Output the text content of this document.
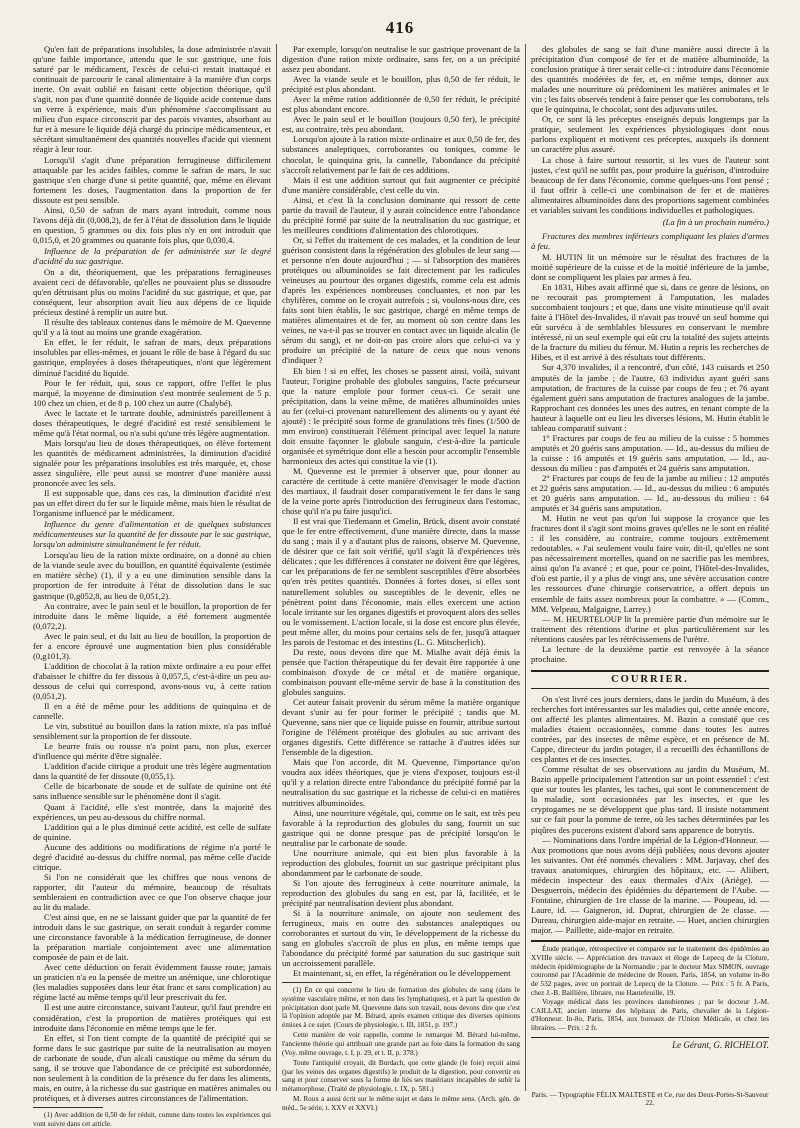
416

Qu'en fait de préparations insolubles, la dose administrée n'avait qu'une faible importance, attendu que le suc gastrique, une fois saturé par le médicament, l'excès de celui-ci restait inattaqué et continuait de parcourir le canal alimentaire à la manière d'un corps inerte. On avait oublié en faisant cette objection théorique, qu'il s'agit, non pas d'une quantité donnée de liquide acide contenue dans un verre à expérience, mais d'un phénomène s'accomplissant au milieu d'un espace circonscrit par des parois vivantes, absorbant au fur et à mesure le liquide déjà chargé du principe médicamenteux, et sécrétant simultanément des quantités nouvelles d'acide qui viennent réagir à leur tour.

Lorsqu'il s'agit d'une préparation ferrugineuse difficilement attaquable par les acides faibles, comme le safran de mars, le suc gastrique s'en charge d'une si petite quantité, que, même en élevant fortement les doses, l'augmentation dans la proportion de fer dissoute est peu sensible.

Ainsi, 0,50 de safran de mars ayant introduit, comme nous l'avons déjà dit (0,008,2), de fer à l'état de dissolution dans le liquide en question, 5 grammes ou dix fois plus n'y en ont introduit que 0,015,0, et 20 grammes ou quarante fois plus, que 0,030,4.

Influence de la préparation de fer administrée sur le degré d'acidité du suc gastrique.

On a dit, théoriquement, que les préparations ferrugineuses avaient ceci de défavorable, qu'elles ne pouvaient plus se dissoudre qu'en détruisant plus ou moins l'acidité du suc gastrique, et que, par conséquent, leur absorption avait lieu aux dépens de ce liquide précieux destiné à remplir un autre but.

Il résulte des tableaux contenus dans le mémoire de M. Quevenne qu'il y a là tout au moins une grande exagération.

En effet, le fer réduit, le safran de mars, deux préparations insolubles par elles-mêmes, et jouant le rôle de base à l'égard du suc gastrique, employées à doses thérapeutiques, n'ont que légèrement diminué l'acidité du liquide.

Pour le fer réduit, qui, sous ce rapport, offre l'effet le plus marqué, la moyenne de diminution s'est montrée seulement de 5 p. 100 chez un chien, et de 8 p. 100 chez un autre (Chalybé).

Avec le lactate et le tartrate double, administrés pareillement à doses thérapeutiques, le degré d'acidité est resté sensiblement le même qu'à l'état normal, ou n'a subi qu'une très légère augmentation.

Mais lorsqu'au lieu de doses thérapeutiques, on élève fortement les quantités de médicament administrées, la diminution d'acidité signalée pour les préparations insolubles est très marquée, et, chose assez singulière, elle peut aussi se montrer d'une manière aussi prononcée avec les sels.

Il est supposable que, dans ces cas, la diminution d'acidité n'est pas un effet direct du fer sur le liquide même, mais bien le résultat de l'organisme influencé par le médicament.

Influence du genre d'alimentation et de quelques substances médicamenteuses sur la quantité de fer dissoute par le suc gastrique, lorsqu'on administre simultanément le fer réduit.

Lorsqu'au lieu de la ration mixte ordinaire, on a donné au chien de la viande seule avec du bouillon, en quantité équivalente (estimée en matière sèche) (1), il y a eu une diminution sensible dans la proportion de fer introduite à l'état de dissolution dans le suc gastrique (0,g052,8, au lieu de 0,051,2).

Au contraire, avec le pain seul et le bouillon, la proportion de fer introduite dans le même liquide, a été fortement augmentée (0,072,2).

Avec le pain seul, et du lait au lieu de bouillon, la proportion de fer a encore éprouvé une augmentation bien plus considérable (0,g101,3).

L'addition de chocolat à la ration mixte ordinaire a eu pour effet d'abaisser le chiffre du fer dissous à 0,057,5, c'est-à-dire un peu au-dessous de celui qui correspond, avons-nous vu, à cette ration (0,051,2).

Il en a été de même pour les additions de quinquina et de cannelle.

Le vin, substitué au bouillon dans la ration mixte, n'a pas influé sensiblement sur la proportion de fer dissoute.

Le beurre frais ou rousse n'a point paru, non plus, exercer d'influence qui mérite d'être signalée.

L'addition d'acide citrique a produit une très légère augmentation dans la quantité de fer dissoute (0,055,1).

Celle de bicarbonate de soude et de sulfate de quinine ont été sans influence sensible sur le phénomène dont il s'agit.

Quant à l'acidité, elle s'est montrée, dans la majorité des expériences, un peu au-dessous du chiffre normal.

L'addition qui a le plus diminué cette acidité, est celle de sulfate de quinine.

Aucune des additions ou modifications de régime n'a porté le degré d'acidité au-dessus du chiffre normal, pas même celle d'acide citrique.

Si l'on ne considérait que les chiffres que nous venons de rapporter, dit l'auteur du mémoire, beaucoup de résultats sembleraient en contradiction avec ce que l'on observe chaque jour au lit du malade.

C'est ainsi que, en ne se laissant guider que par la quantité de fer introduit dans le suc gastrique, on serait conduit à regarder comme une circonstance favorable à la médication ferrugineuse, de donner la préparation martiale conjointement avec une alimentation composée de pain et de lait.

Avec cette déduction on ferait évidemment fausse route; jamais un praticien n'a eu la pensée de mettre un anémique, une chlorotique (les maladies supposées dans leur état franc et sans complication) au régime lacté au même temps qu'il leur prescrivait du fer.

Il est une autre circonstance, suivant l'auteur, qu'il faut prendre en considération, c'est la proportion de matières protéiques qui est introduite dans l'économie en même temps que le fer.

En effet, si l'on tient compte de la quantité de précipité qui se forme dans le suc gastrique par suite de la neutralisation au moyen de carbonate de soude, d'un alcali caustique ou même du sérum du sang, il se trouve que l'abondance de ce précipité est subordonnée, non seulement à la condition de la présence du fer dans les aliments, mais, en outre, à la richesse du suc gastrique en matières animales ou protéiques, et à diverses autres circonstances de l'alimentation.

(1) Avec addition de 0,50 de fer réduit, comme dans toutes les expériences qui vont suivre dans cet article.

Par exemple, lorsqu'on neutralise le suc gastrique provenant de la digestion d'une ration mixte ordinaire, sans fer, on a un précipité assez peu abondant.

Avec la viande seule et le bouillon, plus 0,50 de fer réduit, le précipité est plus abondant.

Avec la même ration additionnée de 0,50 fer réduit, le précipité est plus abondant encore.

Avec le pain seul et le bouillon (toujours 0,50 fer), le précipité est, au contraire, très peu abondant.

Lorsqu'on ajoute à la ration mixte ordinaire et aux 0,50 de fer, des substances analeptiques, corroborantes ou toniques, comme le chocolat, le quinquina gris, la cannelle, l'abondance du précipité s'accroît relativement par le fait de ces additions.

Mais il est une addition surtout qui fait augmenter ce précipité d'une manière considérable, c'est celle du vin.

Ainsi, et c'est là la conclusion dominante qui ressort de cette partie du travail de l'auteur, il y aurait coïncidence entre l'abondance du précipité formé par suite de la neutralisation du suc gastrique, et les meilleures conditions d'alimentation des chlorotiques.

Or, si l'effet du traitement de ces malades, et la condition de leur guérison consistent dans la régénération des globules de leur sang — et personne n'en doute aujourd'hui ; — si l'absorption des matières protéiques ou albuminoïdes se fait directement par les radicules veineuses au pourtour des organes digestifs, comme cela est admis d'après les expériences nombreuses concluantes, et non par les chylifères, comme on le croyait autrefois ; si, voulons-nous dire, ces faits sont bien établis, le suc gastrique, chargé en même temps de matières alimentaires et de fer, au moment où son centre dans les veines, ne va-t-il pas se trouver en contact avec un liquide alcalin (le sérum du sang), et ne doit-on pas croire alors que celui-ci va y produire un précipité de la nature de ceux que nous venons d'indiquer ?

Eh bien ! si en effet, les choses se passent ainsi, voilà, suivant l'auteur, l'origine probable des globules sanguins, l'acte précurseur que la nature emploie pour former ceux-ci. Ce serait une précipitation, dans la veine même, de matières albuminoïdes unies au fer (celui-ci provenant naturellement des aliments ou y ayant été ajouté) : le précipité sous forme de granulations très fines (1/500 de mm environ) constituerait l'élément principal avec lequel la nature doit ensuite façonner le globule sanguin, c'est-à-dire la particule organisée et symétrique dont elle a besoin pour accomplir l'ensemble harmonieux des actes qui constitue la vie (1).

M. Quevenne est le premier à observer que, pour donner au caractère de certitude à cette manière d'envisager le mode d'action des martiaux, il faudrait doser comparativement le fer dans le sang de la veine porte après l'introduction des ferrugineux dans l'estomac, chose qu'il n'a pu faire jusqu'ici.

Il est vrai que Tiedemann et Gmelin, Brück, disent avoir constaté que le fer entre effectivement, d'une manière directe, dans la masse du sang ; mais il y a d'autant plus de raisons, observe M. Quevenne, de désirer que ce fait soit vérifié, qu'il s'agit là d'expériences très délicates ; que les différences à constater ne doivent être que légères, car les préparations de fer ne semblent susceptibles d'être absorbées qu'en très petites quantités. Données à fortes doses, si elles sont naturellement solubles ou susceptibles de le devenir, elles ne pénètrent point dans l'économie, mais elles exercent une action locale irritante sur les organes digestifs et provoquent alors des selles ou le vomissement. L'action locale, si la dose est encore plus élevée, peut même aller, du moins pour certains sels de fer, jusqu'à attaquer les parois de l'estomac et des intestins (L. G. Mitscherlich).

Du reste, nous devons dire que M. Mialhe avait déjà émis la pensée que l'action thérapeutique du fer devait être rapportée à une combinaison d'oxyde de ce métal et de matière organique, combinaison pouvant elle-même servir de base à la constitution des globules sanguins.

Cet auteur faisait provenir du sérum même la matière organique devant s'unir au fer pour former le précipité ; tandis que M. Quevenne, sans nier que ce liquide puisse en fournir, attribue surtout l'origine de l'élément protéique des globules au suc arrivant des organes digestifs. Cette différence se rattache à d'autres idées sur l'ensemble de la digestion.

Mais que l'on accorde, dit M. Quevenne, l'importance qu'on voudra aux idées théoriques, que je viens d'exposer, toujours est-il qu'il y a relation directe entre l'abondance du précipité formé par la neutralisation du suc gastrique et la richesse de celui-ci en matières nutritives albuminoïdes.

Ainsi, une nourriture végétale, qui, comme on le sait, est très peu favorable à la reproduction des globules du sang, fournit un suc gastrique qui ne donne presque pas de précipité lorsqu'on le neutralise par le carbonate de soude.

Une nourriture animale, qui est bien plus favorable à la reproduction des globules, fournit un suc gastrique précipitant plus abondamment par le carbonate de soude.

Si l'on ajoute des ferrugineux à cette nourriture animale, la reproduction des globules du sang en est, par là, facilitée, et le précipité par neutralisation devient plus abondant.

Si à la nourriture animale, on ajoute non seulement des ferrugineux, mais en outre des substances analeptiques ou corroborantes et surtout du vin, le développement de la richesse du sang en globules s'accroît de plus en plus, en même temps que l'abondance du précipité formé par saturation du suc gastrique suit un accroissement parallèle.

Et maintenant, si, en effet, la régénération ou le développement

(1) En ce qui concerne le lieu de formation des globules de sang (dans le système vasculaire même, et non dans les lymphatiques), et à part la question de précipitation dont parle M. Quevenne dans son travail, nous devons dire que c'est là l'opinion adoptée par M. Bérard, après examen critique des diverses opinions émises à ce sujet. (Cours de physiologie, t. III, 1851, p. 197.)

Cette manière de voir rappelle, comme le remarque M. Bérard lui-même, l'ancienne théorie qui attribuait une grande part au foie dans la formation du sang (Voy. même ouvrage, t. I, p. 29, et t. II, p. 378.)

Toute l'antiquité croyait, dit Burdach, que cette glande (le foie) reçoit ainsi (par les veines des organes digestifs) le produit de la digestion, pour convertir en sang et pour conserver sous la forme de liés ses matériaux incapables de subir la métamorphose. (Traité de physiologie, t. IX, p. 581.)

M. Roux a aussi écrit sur le même sujet et dans le même sens. (Arch. gén. de méd., 5e série, t. XXV et XXVI.)

des globules de sang se fait d'une manière aussi directe à la précipitation d'un composé de fer et de matière albuminoïde, la conclusion pratique à tirer serait celle-ci : introduire dans l'économie des quantités modérées de fer, et, en même temps, donner aux malades une nourriture où prédominent les matières animales et le vin ; les faits observés tendent à faire penser que les corroborans, tels que le quinquina, le chocolat, sont des adjuvans utiles.

Or, ce sont là les préceptes enseignés depuis longtemps par la pratique, seulement les expériences physiologiques dont nous parlons expliquent et motivent ces préceptes, auxquels ils donnent un caractère plus assuré.

La chose à faire surtout ressortir, si les vues de l'auteur sont justes, c'est qu'il ne suffit pas, pour produire la guérison, d'introduire beaucoup de fer dans l'économie, comme quelques-uns l'ont pensé ; il faut offrir à celle-ci une combinaison de fer et de matières alimentaires albuminoïdes dans des proportions sagement combinées et variables suivant les conditions individuelles et pathologiques.

(La fin à un prochain numéro.)

Fractures des membres inférieurs compliquant les plaies d'armes à feu.

M. HUTIN lit un mémoire sur le résultat des fractures de la moitié supérieure de la cuisse et de la moitié inférieure de la jambe, dont se compliquent les plaies par armes à feu.

En 1831, Hibes avait affirmé que si, dans ce genre de lésions, on ne recourait pas promptement à l'amputation, les malades succombaient toujours ; et que, dans une visite minutieuse qu'il avait faite à l'Hôtel des-Invalides, il n'avait pas trouvé un seul homme qui eût survécu à de semblables blessures en conservant le membre intéressé, ni un seul exemple qui eût cru la totalité des sujets atteints de la fracture du milieu du fémur. M. Hutin a repris les recherches de Hibes, et il est arrivé à des résultats tout différents.

Sur 4,370 invalides, il a rencontré, d'un côté, 143 cuisards et 250 amputés de la jambe ; de l'autre, 63 individus ayant guéri sans amputation, de fractures de la cuisse par coups de feu ; et 76 ayant également guéri sans amputation de fractures analogues de la jambe. Rapprochant ces données les unes des autres, en tenant compte de la hauteur à laquelle ont eu lieu les diverses lésions, M. Hutin établit le tableau comparatif suivant :

1° Fractures par coups de feu au milieu de la cuisse : 5 hommes amputés et 20 guéris sans amputation. — Id., au-dessus du milieu de la cuisse : 16 amputés et 19 guéris sans amputation. — Id., au-dessous du milieu : pas d'amputés et 24 guéris sans amputation.

2° Fractures par coups de feu de la jambe au milieu : 12 amputés et 22 guéris sans amputation. — Id., au-dessus du milieu : 6 amputés et 20 guéris sans amputation. — Id., au-dessous du milieu : 64 amputés et 34 guéris sans amputation.

M. Hutin ne veut pas qu'on lui suppose la croyance que les fractures dont il s'agit sont moins graves qu'elles ne le sont en réalité : il les considère, au contraire, comme toujours extrêmement redoutables. « J'ai seulement voulu faire voir, dit-il, qu'elles ne sont pas nécessairement mortelles, quand on ne sacrifie pas les membres, ainsi qu'on l'a avancé ; et que, pour ce point, l'Hôtel-des-Invalides, d'où est partie, il y a plus de vingt ans, une sévère accusation contre les ressources d'une chirurgie conservatrice, a offert depuis un ensemble de faits assez nombreux pour la combattre. » — (Comm., MM. Velpeau, Malgaigne, Larrey.)

— M. HEURTELOUP lit la première partie d'un mémoire sur le traitement des rétentions d'urine et plus particulièrement sur les rétentions causées par les rétrécissemens de l'urètre.

La lecture de la deuxième partie est renvoyée à la séance prochaine.

COURRIER.

On s'est livré ces jours derniers, dans le jardin du Muséum, à des recherches fort intéressantes sur les maladies qui, cette année encore, ont affecté les plantes alimentaires. M. Bazin a constaté que ces maladies étaient occasionnées, comme dans toutes les autres contrées, par des insectes de même espèce, et en présence de M. Cappe, directeur du jardin potager, il a recueilli des échantillons de ces plantes et de ces insectes.

Comme résultat de ses observations au jardin du Muséum, M. Bazin appelle principalement l'attention sur un point essentiel : c'est que sur toutes les plantes, les taches, qui sont le commencement de la maladie, sont occasionnées par les insectes, et que les cryptogames ne se développent que plus tard. Il insiste notamment sur ce fait pour la pomme de terre, où les taches déterminées par les piqûres des pucerons existent d'abord sans apparence de botrytis.

— Nominations dans l'ordre impérial de la Légion-d'Honneur. — Aux promotions que nous avons déjà publiées, nous devons ajouter les suivantes. Ont été nommés chevaliers : MM. Jarjavay, chef des travaux anatomiques, chirurgien des hôpitaux, etc. — Aliibert, médecin inspecteur des eaux thermales d'Aix (Ariège). — Desguerrois, médecin des épidémies du département de l'Aube. — Fontaine, chirurgien de 1re classe de la marine. — Poupeau, id. — Laure, id. — Gaigneron, id. Duprat, chirurgien de 2e classe. — Dureau, chirurgien aide-major en retraite. — Huet, ancien chirurgien major. — Paillette, aide-major en retraite.

Étude pratique, rétrospective et comparée sur le traitement des épidémies au XVIIIe siècle. — Appréciation des travaux et éloge de Lepecq de la Cloture, médecin épidémiographe de la Normandie ; par le docteur Max SIMON, ouvrage couronné par l'Académie de médecine de Rouen. Paris, 1854, un volume in-8o de 532 pages, avec un portrait de Lepecq de la Cloture. — Prix : 5 fr. A Paris, chez J.-B. Baillière, libraire, rue Hautefeuille, 19.

Voyage médical dans les provinces danubiennes ; par le docteur J.-M. CAILLAT, ancien interne des hôpitaux de Paris, chevalier de la Légion-d'Honneur. In-8o, Paris, 1854, aux bureaux de l'Union Médicale, et chez les libraires. — Prix : 2 fr.

Le Gérant, G. RICHELOT.
Paris. — Typographie FÉLIX MALTESTE et Ce, rue des Deux-Portes-St-Sauveur 22.
